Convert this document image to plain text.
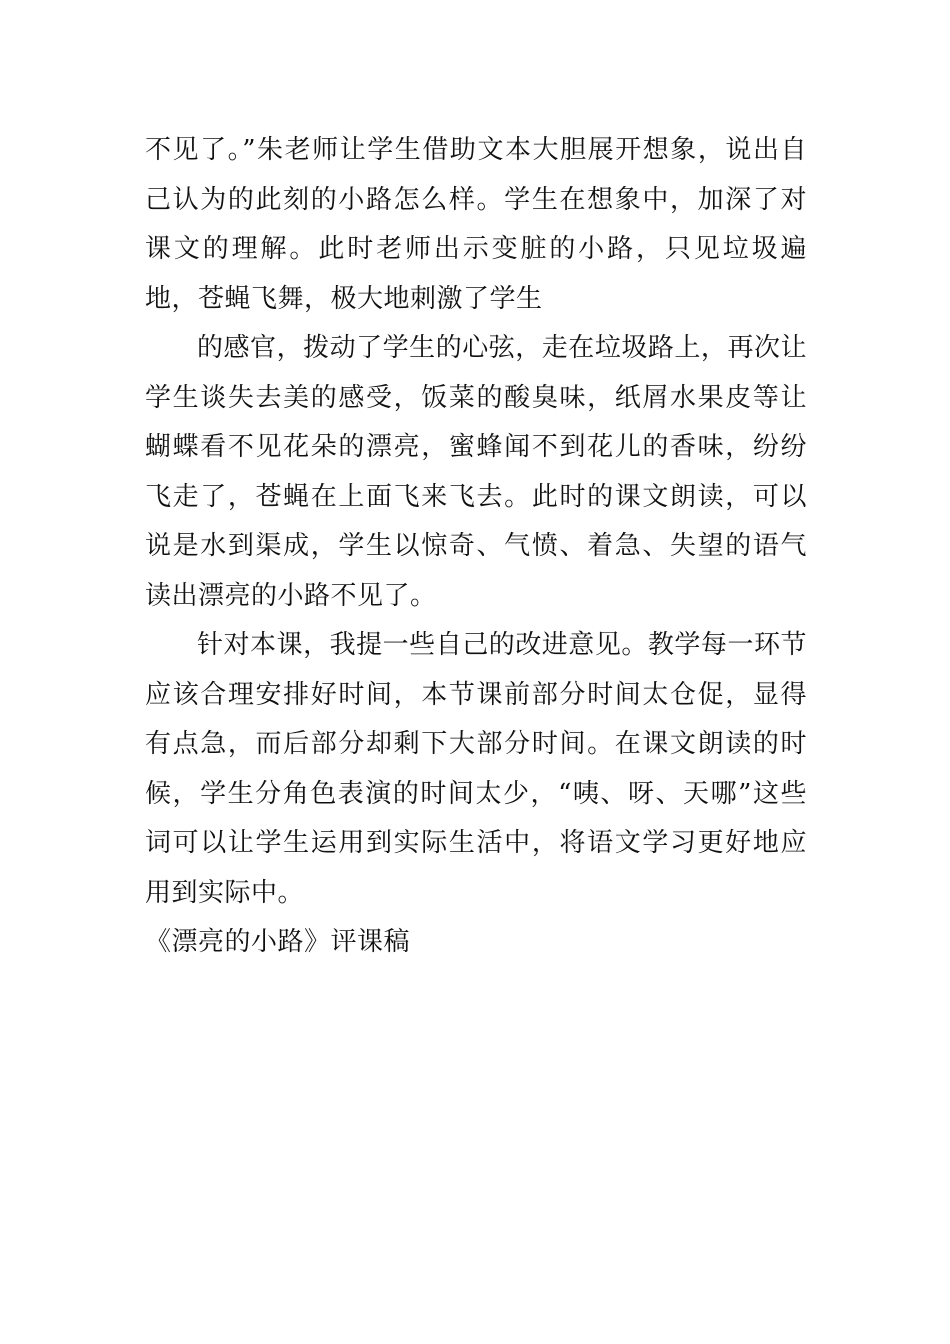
不见了。”朱老师让学生借助文本大胆展开想象，说出自己认为的此刻的小路怎么样。学生在想象中，加深了对课文的理解。此时老师出示变脏的小路，只见垃圾遍地，苍蝇飞舞，极大地刺激了学生

的感官，拨动了学生的心弦，走在垃圾路上，再次让学生谈失去美的感受，饭菜的酸臭味，纸屑水果皮等让蝴蝶看不见花朵的漂亮，蜜蜂闻不到花儿的香味，纷纷飞走了，苍蝇在上面飞来飞去。此时的课文朗读，可以说是水到渠成，学生以惊奇、气愤、着急、失望的语气读出漂亮的小路不见了。

针对本课，我提一些自己的改进意见。教学每一环节应该合理安排好时间，本节课前部分时间太仓促，显得有点急，而后部分却剩下大部分时间。在课文朗读的时候，学生分角色表演的时间太少，“咦、呀、天哪”这些词可以让学生运用到实际生活中，将语文学习更好地应用到实际中。

《漂亮的小路》评课稿
